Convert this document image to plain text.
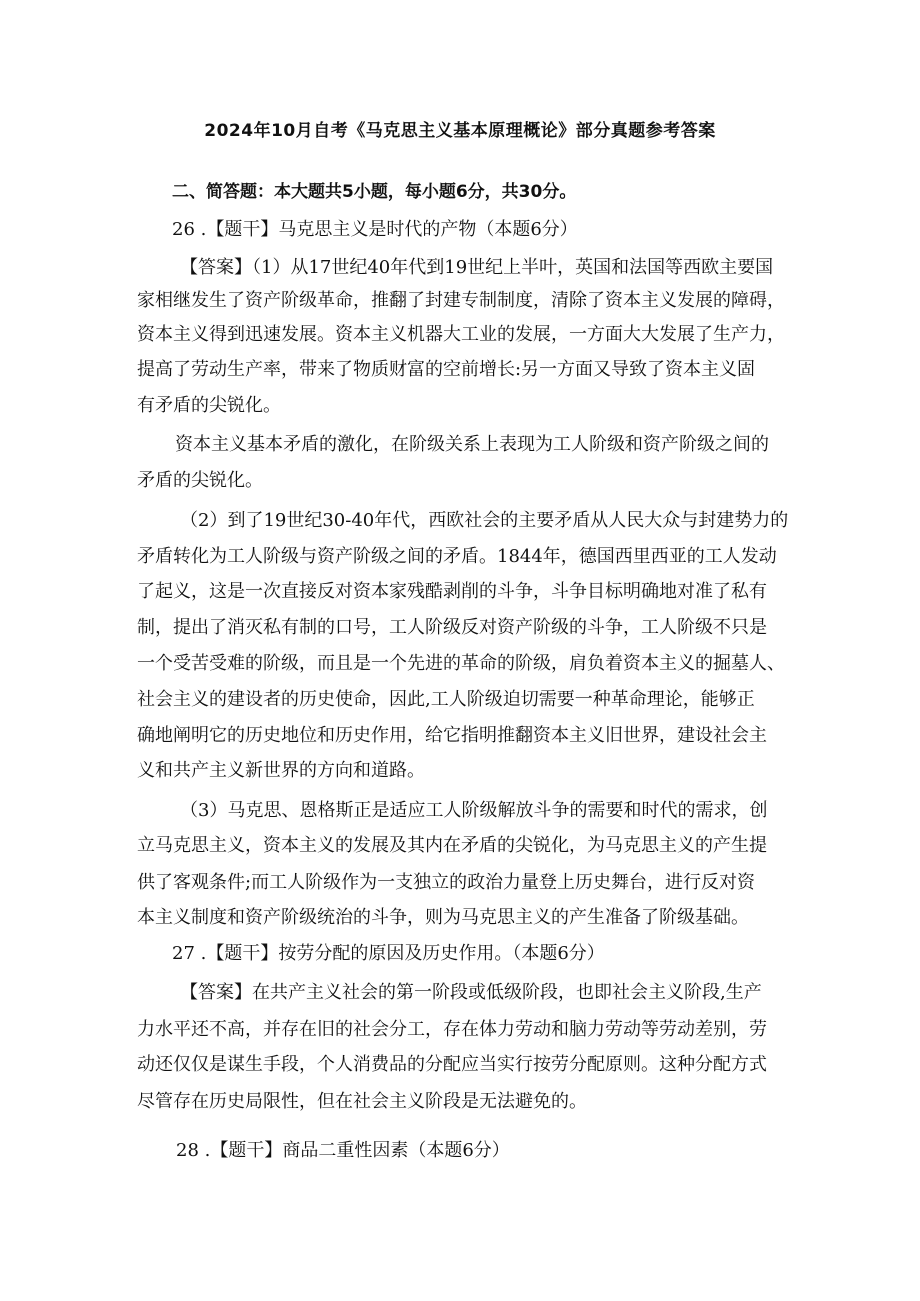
2024年10月自考《马克思主义基本原理概论》部分真题参考答案
二、简答题：本大题共5小题，每小题6分，共30分。
26 .【题干】马克思主义是时代的产物（本题6分）
【答案】（1）从17世纪40年代到19世纪上半叶，英国和法国等西欧主要国
家相继发生了资产阶级革命，推翻了封建专制制度，清除了资本主义发展的障碍，
资本主义得到迅速发展。资本主义机器大工业的发展，一方面大大发展了生产力，
提高了劳动生产率，带来了物质财富的空前增长:另一方面又导致了资本主义固
有矛盾的尖锐化。
资本主义基本矛盾的激化，在阶级关系上表现为工人阶级和资产阶级之间的
矛盾的尖锐化。
（2）到了19世纪30-40年代，西欧社会的主要矛盾从人民大众与封建势力的
矛盾转化为工人阶级与资产阶级之间的矛盾。1844年，德国西里西亚的工人发动
了起义，这是一次直接反对资本家残酷剥削的斗争，斗争目标明确地对准了私有
制，提出了消灭私有制的口号，工人阶级反对资产阶级的斗争，工人阶级不只是
一个受苦受难的阶级，而且是一个先进的革命的阶级，肩负着资本主义的掘墓人、
社会主义的建设者的历史使命，因此,工人阶级迫切需要一种革命理论，能够正
确地阐明它的历史地位和历史作用，给它指明推翻资本主义旧世界，建设社会主
义和共产主义新世界的方向和道路。
（3）马克思、恩格斯正是适应工人阶级解放斗争的需要和时代的需求，创
立马克思主义，资本主义的发展及其内在矛盾的尖锐化，为马克思主义的产生提
供了客观条件;而工人阶级作为一支独立的政治力量登上历史舞台，进行反对资
本主义制度和资产阶级统治的斗争，则为马克思主义的产生准备了阶级基础。
27 .【题干】按劳分配的原因及历史作用。（本题6分）
【答案】在共产主义社会的第一阶段或低级阶段，也即社会主义阶段,生产
力水平还不高，并存在旧的社会分工，存在体力劳动和脑力劳动等劳动差别，劳
动还仅仅是谋生手段，个人消费品的分配应当实行按劳分配原则。这种分配方式
尽管存在历史局限性，但在社会主义阶段是无法避免的。
28 .【题干】商品二重性因素（本题6分）
